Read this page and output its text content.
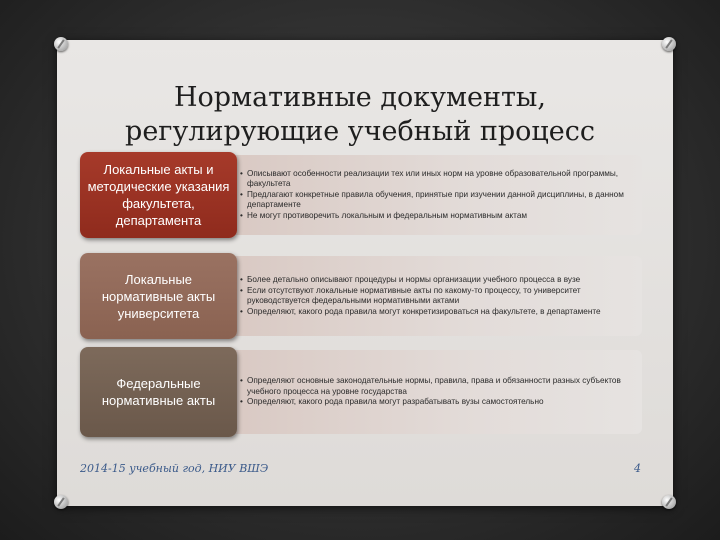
Нормативные документы,
регулирующие учебный процесс
Локальные акты и методические указания факультета, департамента
• Описывают особенности реализации тех или иных норм на уровне образовательной программы, факультета
• Предлагают конкретные правила обучения, принятые при изучении данной дисциплины, в данном департаменте
• Не могут противоречить локальным и федеральным нормативным актам
Локальные нормативные акты университета
• Более детально описывают процедуры и нормы организации учебного процесса в вузе
• Если отсутствуют локальные нормативные акты по какому-то процессу, то университет руководствуется федеральными нормативными актами
• Определяют, какого рода правила могут конкретизироваться на факультете, в департаменте
Федеральные нормативные акты
• Определяют основные законодательные нормы, правила, права и обязанности разных субъектов учебного процесса на уровне государства
• Определяют, какого рода правила могут разрабатывать вузы самостоятельно
2014-15 учебный год, НИУ ВШЭ	4
